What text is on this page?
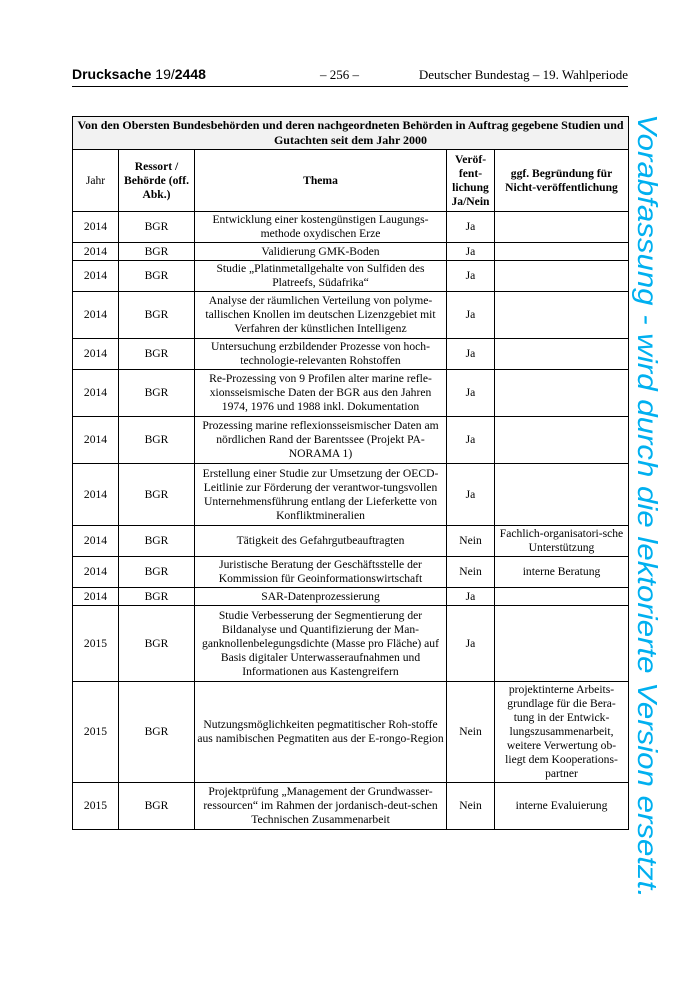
Drucksache 19/2448	– 256 –	Deutscher Bundestag – 19. Wahlperiode
Von den Obersten Bundesbehörden und deren nachgeordneten Behörden in Auftrag gegebene Studien und Gutachten seit dem Jahr 2000				
Jahr	Ressort / Behörde (off. Abk.)	Thema	Veröf-fent-lichung Ja/Nein	ggf. Begründung für Nicht-veröffentlichung
2014	BGR	Entwicklung einer kostengünstigen Laugungs-methode oxydischen Erze	Ja	
2014	BGR	Validierung GMK-Boden	Ja	
2014	BGR	Studie „Platinmetallgehalte von Sulfiden des Platreefs, Südafrika“	Ja	
2014	BGR	Analyse der räumlichen Verteilung von polyme-tallischen Knollen im deutschen Lizenzgebiet mit Verfahren der künstlichen Intelligenz	Ja	
2014	BGR	Untersuchung erzbildender Prozesse von hoch-technologie-relevanten Rohstoffen	Ja	
2014	BGR	Re-Prozessing von 9 Profilen alter marine refle-xionsseismische Daten der BGR aus den Jahren 1974, 1976 und 1988 inkl. Dokumentation	Ja	
2014	BGR	Prozessing marine reflexionsseismischer Daten am nördlichen Rand der Barentssee (Projekt PA-NORAMA 1)	Ja	
2014	BGR	Erstellung einer Studie zur Umsetzung der OECD-Leitlinie zur Förderung der verantwor-tungsvollen Unternehmensführung entlang der Lieferkette von Konfliktmineralien	Ja	
2014	BGR	Tätigkeit des Gefahrgutbeauftragten	Nein	Fachlich-organisatori-sche Unterstützung
2014	BGR	Juristische Beratung der Geschäftsstelle der Kommission für Geoinformationswirtschaft	Nein	interne Beratung
2014	BGR	SAR-Datenprozessierung	Ja	
2015	BGR	Studie Verbesserung der Segmentierung der Bildanalyse und Quantifizierung der Man-ganknollenbelegungsdichte (Masse pro Fläche) auf Basis digitaler Unterwasseraufnahmen und Informationen aus Kastengreifern	Ja	
2015	BGR	Nutzungsmöglichkeiten pegmatitischer Roh-stoffe aus namibischen Pegmatiten aus der E-rongo-Region	Nein	projektinterne Arbeits-grundlage für die Bera-tung in der Entwick-lungszusammenarbeit, weitere Verwertung ob-liegt dem Kooperations-partner
2015	BGR	Projektprüfung „Management der Grundwasser-ressourcen“ im Rahmen der jordanisch-deut-schen Technischen Zusammenarbeit	Nein	interne Evaluierung
Vorabfassung - wird durch die lektorierte Version ersetzt.
